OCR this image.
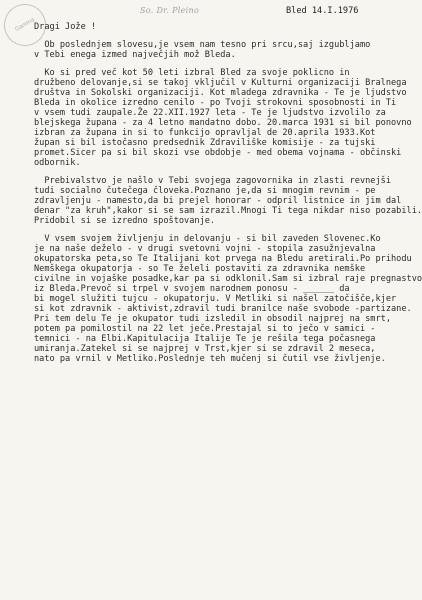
Gamma
So. Dr. Pleino	Bled 14.I.1976
Dragi Jože !
Ob poslednjem slovesu,je vsem nam tesno pri srcu,saj izgubljamo
v Tebi enega izmed največjih mož Bleda.
Ko si pred več kot 50 leti izbral Bled za svoje poklicno in
družbeno delovanje,si se takoj vključil v Kulturni organizaciji Bralnega
društva in Sokolski organizaciji. Kot mladega zdravnika - Te je ljudstvo
Bleda in okolice izredno cenilo - po Tvoji strokovni sposobnosti in Ti
v vsem tudi zaupale.Že 22.XII.1927 leta - Te je ljudstvo izvolilo za
blejskega župana - za 4 letno mandatno dobo. 20.marca 1931 si bil ponovno
izbran za župana in si to funkcijo opravljal de 20.aprila 1933.Kot
župan si bil istočasno predsednik Zdraviliške komisije - za tujski
promet.Sicer pa si bil skozi vse obdobje - med obema vojnama - občinski
odbornik.
Prebivalstvo je našlo v Tebi svojega zagovornika in zlasti revnejši
tudi socialno čutečega človeka.Poznano je,da si mnogim revnim - pe
zdravljenju - namesto,da bi prejel honorar - odpril listnice in jim dal
denar "za kruh",kakor si se sam izrazil.Mnogi Ti tega nikdar niso pozabili.
Pridobil si se izredno spoštovanje.
V vsem svojem življenju in delovanju - si bil zaveden Slovenec.Ko
je na naše deželo - v drugi svetovni vojni - stopila zasužnjevalna
okupatorska peta,so Te Italijani kot prvega na Bledu aretirali.Po prihodu
Nemškega okupatorja - so Te želeli postaviti za zdravnika nemške
civilne in vojaške posadke,kar pa si odklonil.Sam si izbral raje pregnastvo
iz Bleda.Prevoč si trpel v svojem narodnem ponosu - ______ da
bi mogel služiti tujcu - okupatorju. V Metliki si našel zatočišče,kjer
si kot zdravnik - aktivist,zdravil tudi branilce naše svobode -partizane.
Pri tem delu Te je okupator tudi izsledil in obsodil najprej na smrt,
potem pa pomilostil na 22 let ječe.Prestajal si to ječo v samici -
temnici - na Elbi.Kapitulacija Italije Te je rešila tega počasnega
umiranja.Zatekel si se najprej v Trst,kjer si se zdravil 2 meseca,
nato pa vrnil v Metliko.Poslednje teh mučenj si čutil vse življenje.
